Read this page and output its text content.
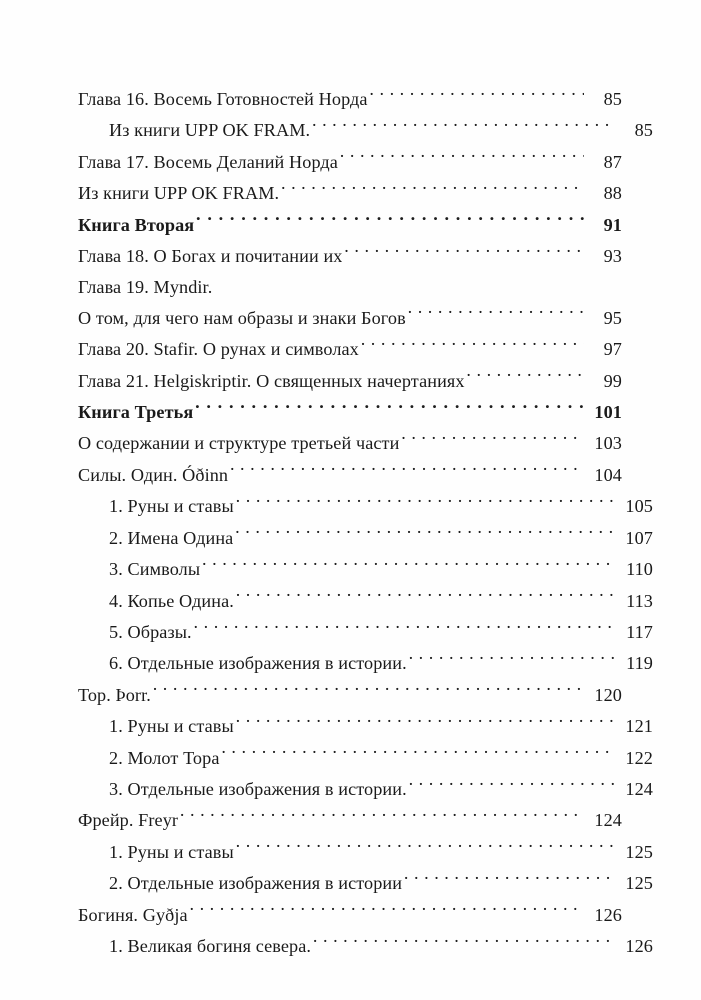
Глава 16. Восемь Готовностей Норда . . .	85
Из книги UPP OK FRAM. . . .	85
Глава 17. Восемь Деланий Норда . . .	87
Из книги UPP OK FRAM. . . .	88
Книга Вторая . . .	91
Глава 18. О Богах и почитании их . . .	93
Глава 19. Myndir.
О том, для чего нам образы и знаки Богов . . .	95
Глава 20. Stafir. О рунах и символах . . .	97
Глава 21. Helgiskriptir. О священных начертаниях . . .	99
Книга Третья . . .	101
О содержании и структуре третьей части . . .	103
Силы. Один. Óðinn . . .	104
1. Руны и ставы . . .	105
2. Имена Одина . . .	107
3. Символы . . .	110
4. Копье Одина. . . .	113
5. Образы. . . .	117
6. Отдельные изображения в истории. . . .	119
Тор. Þorr. . . .	120
1. Руны и ставы . . .	121
2. Молот Тора . . .	122
3. Отдельные изображения в истории. . . .	124
Фрейр. Freyr . . .	124
1. Руны и ставы . . .	125
2. Отдельные изображения в истории . . .	125
Богиня. Gyðja . . .	126
1. Великая богиня севера. . . .	126
